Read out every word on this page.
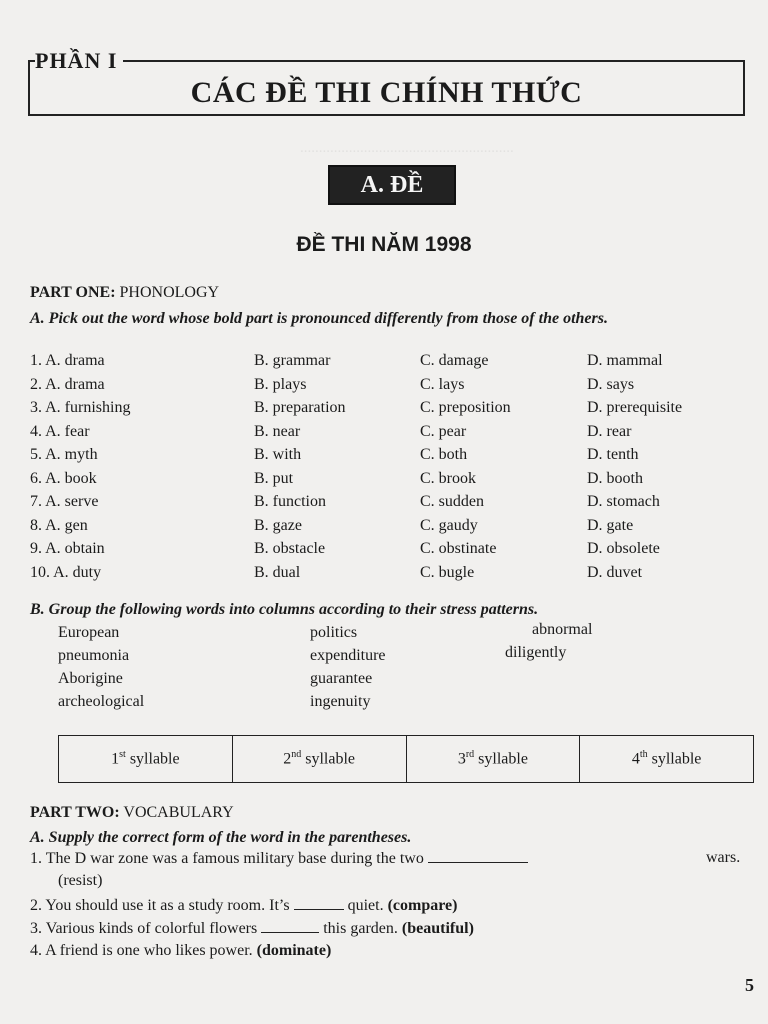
.........................................................
.........................................................
PHẦN I
CÁC ĐỀ THI CHÍNH THỨC
A. ĐỀ
ĐỀ THI NĂM 1998
PART ONE: PHONOLOGY
A. Pick out the word whose bold part is pronounced differently from those of the others.
1. A. drama	B. grammar	C. damage	D. mammal
2. A. drama	B. plays	C. lays	D. says
3. A. furnishing	B. preparation	C. preposition	D. prerequisite
4. A. fear	B. near	C. pear	D. rear
5. A. myth	B. with	C. both	D. tenth
6. A. book	B. put	C. brook	D. booth
7. A. serve	B. function	C. sudden	D. stomach
8. A. gen	B. gaze	C. gaudy	D. gate
9. A. obtain	B. obstacle	C. obstinate	D. obsolete
10. A. duty	B. dual	C. bugle	D. duvet
B. Group the following words into columns according to their stress patterns.
European
pneumonia
Aborigine
archeological
politics
expenditure
guarantee
ingenuity
abnormal
diligently
1st syllable	2nd syllable	3rd syllable	4th syllable
PART TWO: VOCABULARY
A. Supply the correct form of the word in the parentheses.
1. The D war zone was a famous military base during the two	wars.
(resist)
2. You should use it as a study room. It’s	quiet. (compare)
3. Various kinds of colorful flowers	this garden. (beautiful)
4. A friend is one who likes power. (dominate)
5
